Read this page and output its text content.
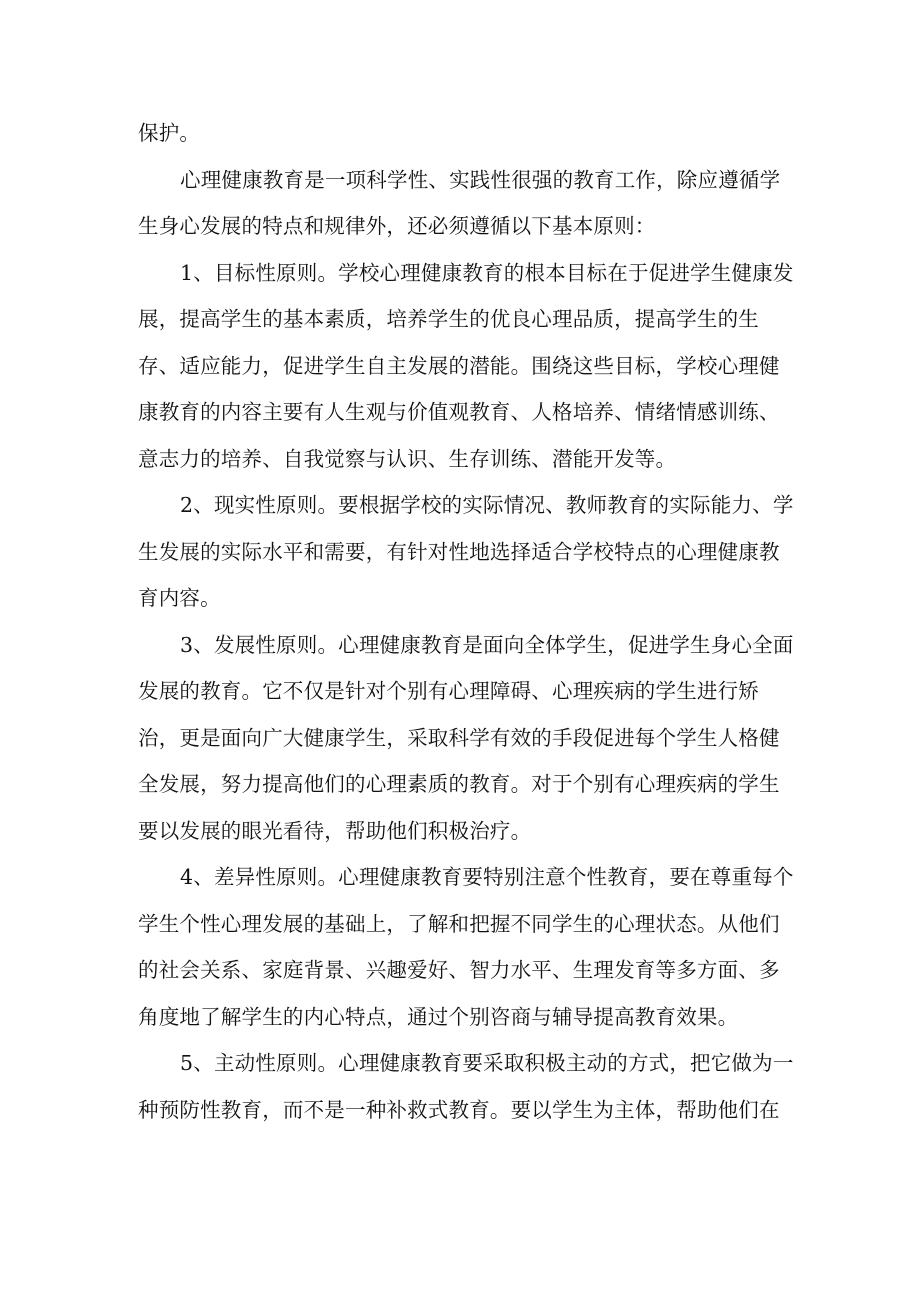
保护。
心理健康教育是一项科学性、实践性很强的教育工作，除应遵循学
生身心发展的特点和规律外，还必须遵循以下基本原则：
1、目标性原则。学校心理健康教育的根本目标在于促进学生健康发
展，提高学生的基本素质，培养学生的优良心理品质，提高学生的生
存、适应能力，促进学生自主发展的潜能。围绕这些目标，学校心理健
康教育的内容主要有人生观与价值观教育、人格培养、情绪情感训练、
意志力的培养、自我觉察与认识、生存训练、潜能开发等。
2、现实性原则。要根据学校的实际情况、教师教育的实际能力、学
生发展的实际水平和需要，有针对性地选择适合学校特点的心理健康教
育内容。
3、发展性原则。心理健康教育是面向全体学生，促进学生身心全面
发展的教育。它不仅是针对个别有心理障碍、心理疾病的学生进行矫
治，更是面向广大健康学生，采取科学有效的手段促进每个学生人格健
全发展，努力提高他们的心理素质的教育。对于个别有心理疾病的学生
要以发展的眼光看待，帮助他们积极治疗。
4、差异性原则。心理健康教育要特别注意个性教育，要在尊重每个
学生个性心理发展的基础上，了解和把握不同学生的心理状态。从他们
的社会关系、家庭背景、兴趣爱好、智力水平、生理发育等多方面、多
角度地了解学生的内心特点，通过个别咨商与辅导提高教育效果。
5、主动性原则。心理健康教育要采取积极主动的方式，把它做为一
种预防性教育，而不是一种补救式教育。要以学生为主体，帮助他们在
